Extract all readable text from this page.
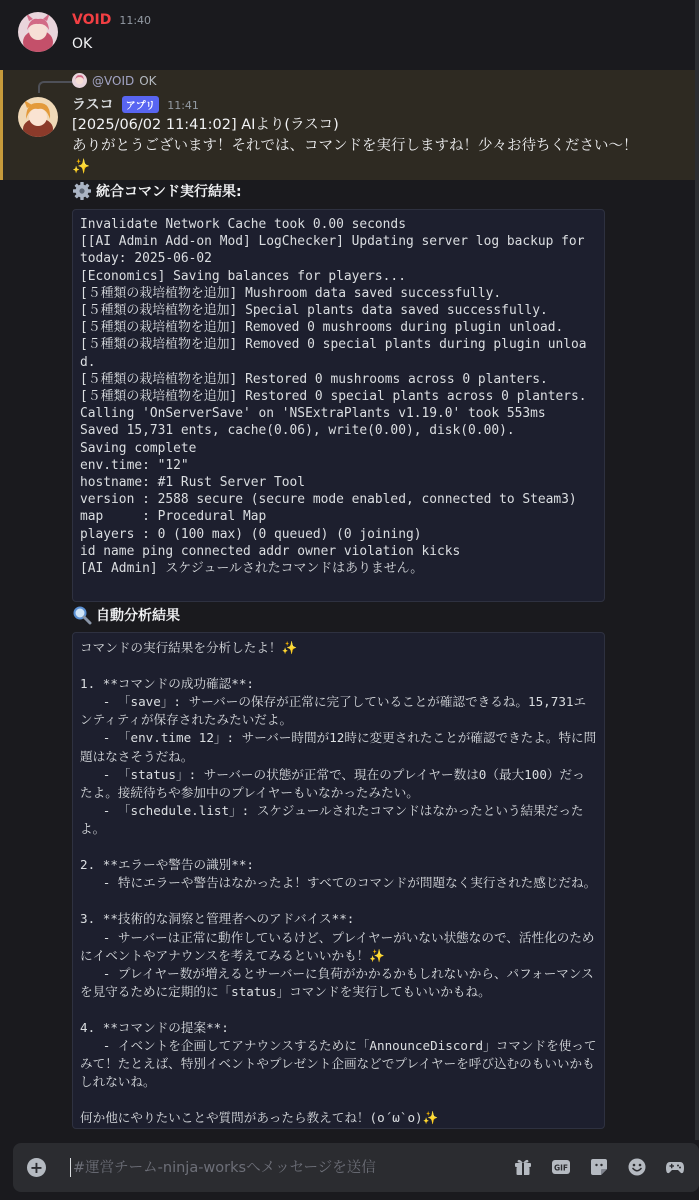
VOID 11:40
OK
@VOID OK
ラスコ	アプリ	11:41
[2025/06/02 11:41:02] AIより(ラスコ)
ありがとうございます！それでは、コマンドを実行しますね！少々お待ちください～！
✨
統合コマンド実行結果:
Invalidate Network Cache took 0.00 seconds
[[AI Admin Add-on Mod] LogChecker] Updating server log backup for today: 2025-06-02
[Economics] Saving balances for players...
[５種類の栽培植物を追加] Mushroom data saved successfully.
[５種類の栽培植物を追加] Special plants data saved successfully.
[５種類の栽培植物を追加] Removed 0 mushrooms during plugin unload.
[５種類の栽培植物を追加] Removed 0 special plants during plugin unload.
[５種類の栽培植物を追加] Restored 0 mushrooms across 0 planters.
[５種類の栽培植物を追加] Restored 0 special plants across 0 planters.
Calling 'OnServerSave' on 'NSExtraPlants v1.19.0' took 553ms
Saved 15,731 ents, cache(0.06), write(0.00), disk(0.00).
Saving complete
env.time: "12"
hostname: #1 Rust Server Tool
version : 2588 secure (secure mode enabled, connected to Steam3)
map     : Procedural Map
players : 0 (100 max) (0 queued) (0 joining)
id name ping connected addr owner violation kicks
[AI Admin] スケジュールされたコマンドはありません。
自動分析結果
コマンドの実行結果を分析したよ！✨

1. **コマンドの成功確認**:
- 「save」: サーバーの保存が正常に完了していることが確認できるね。15,731エンティティが保存されたみたいだよ。
- 「env.time 12」: サーバー時間が12時に変更されたことが確認できたよ。特に問題はなさそうだね。
- 「status」: サーバーの状態が正常で、現在のプレイヤー数は0（最大100）だったよ。接続待ちや参加中のプレイヤーもいなかったみたい。
- 「schedule.list」: スケジュールされたコマンドはなかったという結果だったよ。

2. **エラーや警告の識別**:
- 特にエラーや警告はなかったよ！すべてのコマンドが問題なく実行された感じだね。

3. **技術的な洞察と管理者へのアドバイス**:
- サーバーは正常に動作しているけど、プレイヤーがいない状態なので、活性化のためにイベントやアナウンスを考えてみるといいかも！✨
- プレイヤー数が増えるとサーバーに負荷がかかるかもしれないから、パフォーマンスを見守るために定期的に「status」コマンドを実行してもいいかもね。

4. **コマンドの提案**:
- イベントを企画してアナウンスするために「AnnounceDiscord」コマンドを使ってみて！たとえば、特別イベントやプレゼント企画などでプレイヤーを呼び込むのもいいかもしれないね。

何か他にやりたいことや質問があったら教えてね！(o´ω`o)✨
+
#運営チーム-ninja-worksへメッセージを送信	GIF
